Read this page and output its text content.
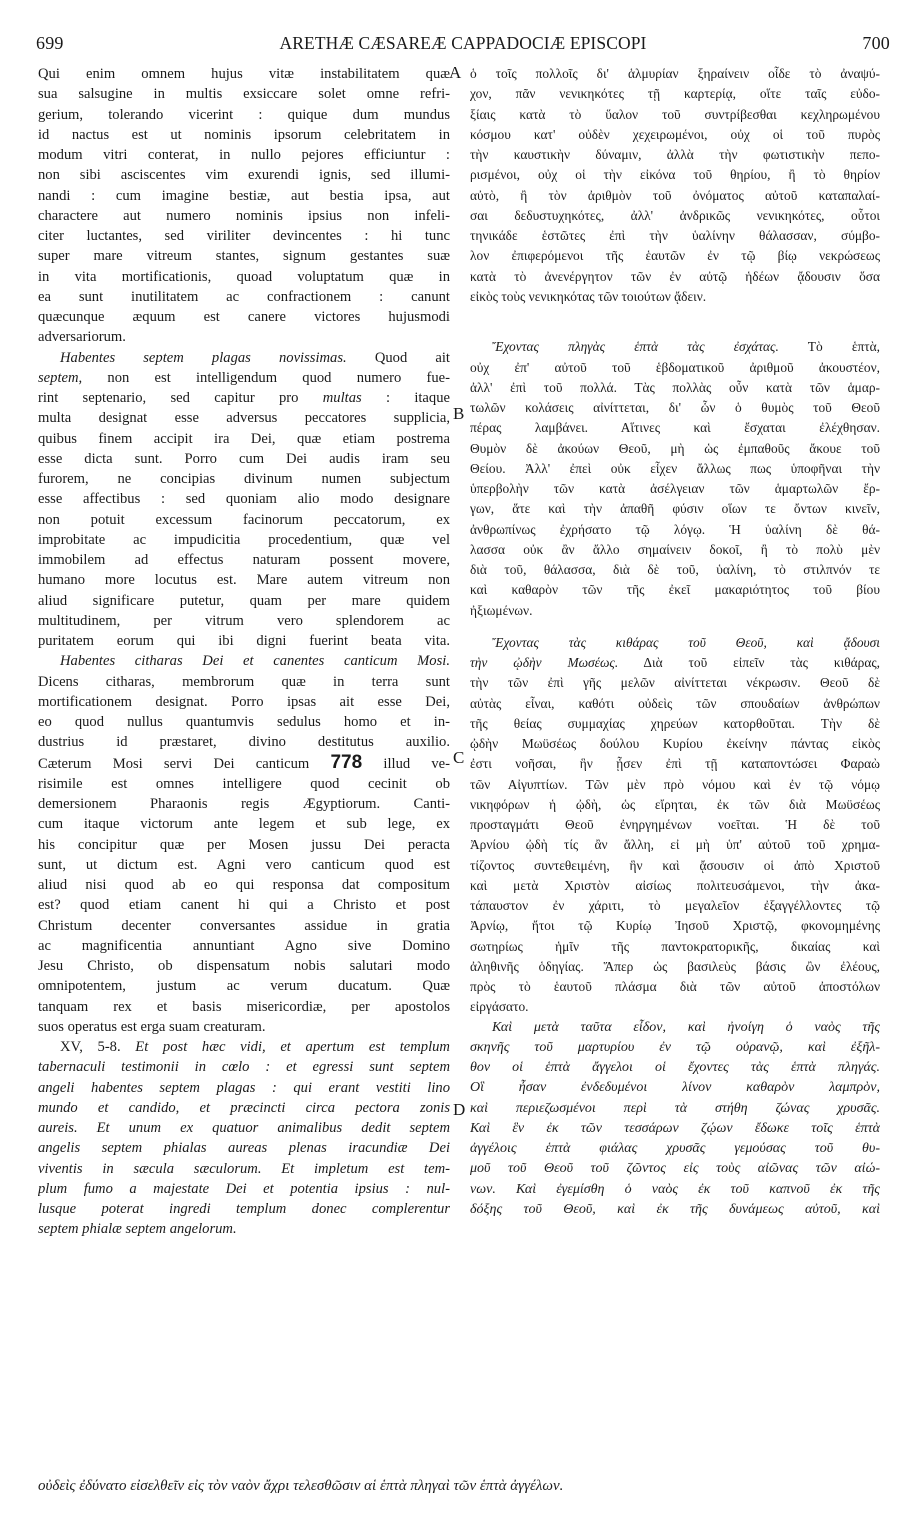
699	ARETHÆ CÆSAREÆ CAPPADOCIÆ EPISCOPI	700
A
B
C
D
Qui enim omnem hujus vitæ instabilitatem quæ
sua salsugine in multis exsiccare solet omne refri-
gerium, tolerando vicerint : quique dum mundus
id nactus est ut nominis ipsorum celebritatem in
modum vitri conterat, in nullo pejores efficiuntur :
non sibi asciscentes vim exurendi ignis, sed illumi-
nandi : cum imagine bestiæ, aut bestia ipsa, aut
charactere aut numero nominis ipsius non infeli-
citer luctantes, sed viriliter devincentes : hi tunc
super mare vitreum stantes, signum gestantes suæ
in vita mortificationis, quoad voluptatum quæ in
ea sunt inutilitatem ac confractionem : canunt
quæcunque æquum est canere victores hujusmodi
adversariorum.
Habentes septem plagas novissimas. Quod ait
septem, non est intelligendum quod numero fue-
rint septenario, sed capitur pro multas : itaque
multa designat esse adversus peccatores supplicia,
quibus finem accipit ira Dei, quæ etiam postrema
esse dicta sunt. Porro cum Dei audis iram seu
furorem, ne concipias divinum numen subjectum
esse affectibus : sed quoniam alio modo designare
non potuit excessum facinorum peccatorum, ex
improbitate ac impudicitia procedentium, quæ vel
immobilem ad effectus naturam possent movere,
humano more locutus est. Mare autem vitreum non
aliud significare putetur, quam per mare quidem
multitudinem, per vitrum vero splendorem ac
puritatem eorum qui ibi digni fuerint beata vita.
Habentes citharas Dei et canentes canticum Mosi.
Dicens citharas, membrorum quæ in terra sunt
mortificationem designat. Porro ipsas ait esse Dei,
eo quod nullus quantumvis sedulus homo et in-
dustrius id præstaret, divino destitutus auxilio.
Cæterum Mosi servi Dei canticum 778 illud ve-
risimile est omnes intelligere quod cecinit ob
demersionem Pharaonis regis Ægyptiorum. Canti-
cum itaque victorum ante legem et sub lege, ex
his concipitur quæ per Mosen jussu Dei peracta
sunt, ut dictum est. Agni vero canticum quod est
aliud nisi quod ab eo qui responsa dat compositum
est? quod etiam canent hi qui a Christo et post
Christum decenter conversantes assidue in gratia
ac magnificentia annuntiant Agno sive Domino
Jesu Christo, ob dispensatum nobis salutari modo
omnipotentem, justum ac verum ducatum. Quæ
tanquam rex et basis misericordiæ, per apostolos
suos operatus est erga suam creaturam.
XV, 5-8. Et post hæc vidi, et apertum est templum
tabernaculi testimonii in cœlo : et egressi sunt septem
angeli habentes septem plagas : qui erant vestiti lino
mundo et candido, et præcincti circa pectora zonis
aureis. Et unum ex quatuor animalibus dedit septem
angelis septem phialas aureas plenas iracundiæ Dei
viventis in sæcula sæculorum. Et impletum est tem-
plum fumo a majestate Dei et potentia ipsius : nul-
lusque poterat ingredi templum donec complerentur
septem phialæ septem angelorum.
ὁ τοῖς πολλοῖς δι' ἁλμυρίαν ξηραίνειν οἶδε τὸ ἀναψύ-
χον, πᾶν νενικηκότες τῇ καρτερίᾳ, οἵτε ταῖς εὐδο-
ξίαις κατὰ τὸ ὕαλον τοῦ συντρίβεσθαι κεχληρωμένου
κόσμου κατ' οὐδὲν χεχειρωμένοι, οὐχ οἱ τοῦ πυρὸς
τὴν καυστικὴν δύναμιν, ἀλλὰ τὴν φωτιστικὴν πεπο-
ρισμένοι, οὐχ οἱ τὴν εἰκόνα τοῦ θηρίου, ἢ τὸ θηρίον
αὐτὸ, ἢ τὸν ἀριθμὸν τοῦ ὀνόματος αὐτοῦ καταπαλαί-
σαι δεδυστυχηκότες, ἀλλ' ἀνδρικῶς νενικηκότες, οὗτοι
τηνικάδε ἑστῶτες ἐπὶ τὴν ὑαλίνην θάλασσαν, σύμβο-
λον ἐπιφερόμενοι τῆς ἑαυτῶν ἐν τῷ βίῳ νεκρώσεως
κατὰ τὸ ἀνενέργητον τῶν ἐν αὐτῷ ἡδέων ᾄδουσιν ὅσα
εἰκὸς τοὺς νενικηκότας τῶν τοιούτων ᾄδειν.
Ἔχοντας πληγὰς ἑπτὰ τὰς ἐσχάτας. Τὸ ἑπτὰ,
οὐχ ἐπ' αὐτοῦ τοῦ ἑβδοματικοῦ ἀριθμοῦ ἀκουστέον,
ἀλλ' ἐπὶ τοῦ πολλά. Τὰς πολλὰς οὖν κατὰ τῶν ἁμαρ-
τωλῶν κολάσεις αἰνίττεται, δι' ὧν ὁ θυμὸς τοῦ Θεοῦ
πέρας λαμβάνει. Αἵτινες καὶ ἔσχαται ἐλέχθησαν.
Θυμὸν δὲ ἀκούων Θεοῦ, μὴ ὡς ἐμπαθοῦς ἄκουε τοῦ
Θείου. Ἀλλ' ἐπεὶ οὐκ εἶχεν ἄλλως πως ὑποφῆναι τὴν
ὑπερβολὴν τῶν κατὰ ἀσέλγειαν τῶν ἁμαρτωλῶν ἔρ-
γων, ἅτε καὶ τὴν ἀπαθῆ φύσιν οἵων τε ὄντων κινεῖν,
ἀνθρωπίνως ἐχρήσατο τῷ λόγῳ. Ἡ ὑαλίνη δὲ θά-
λασσα οὐκ ἂν ἄλλο σημαίνειν δοκοῖ, ἢ τὸ πολὺ μὲν
διὰ τοῦ, θάλασσα, διὰ δὲ τοῦ, ὑαλίνη, τὸ στιλπνόν τε
καὶ καθαρὸν τῶν τῆς ἐκεῖ μακαριότητος τοῦ βίου
ἠξιωμένων.
Ἔχοντας τὰς κιθάρας τοῦ Θεοῦ, καὶ ᾄδουσι
τὴν ᾠδὴν Μωσέως. Διὰ τοῦ εἰπεῖν τὰς κιθάρας,
τὴν τῶν ἐπὶ γῆς μελῶν αἰνίττεται νέκρωσιν. Θεοῦ δὲ
αὐτὰς εἶναι, καθότι οὐδεὶς τῶν σπουδαίων ἀνθρώπων
τῆς θείας συμμαχίας χηρεύων κατορθοῦται. Τὴν δὲ
ᾠδὴν Μωϋσέως δούλου Κυρίου ἐκείνην πάντας εἰκὸς
ἐστι νοῆσαι, ἣν ᾖσεν ἐπὶ τῇ καταποντώσει Φαραὼ
τῶν Αἰγυπτίων. Τῶν μὲν πρὸ νόμου καὶ ἐν τῷ νόμῳ
νικηφόρων ἡ ᾠδὴ, ὡς εἴρηται, ἐκ τῶν διὰ Μωϋσέως
προσταγμάτι Θεοῦ ἐνηργημένων νοεῖται. Ἡ δὲ τοῦ
Ἀρνίου ᾠδὴ τίς ἂν ἄλλη, εἰ μὴ ὑπ' αὐτοῦ τοῦ χρημα-
τίζοντος συντεθειμένη, ἣν καὶ ᾄσουσιν οἱ ἀπὸ Χριστοῦ
καὶ μετὰ Χριστὸν αἰσίως πολιτευσάμενοι, τὴν ἀκα-
τάπαυστον ἐν χάριτι, τὸ μεγαλεῖον ἐξαγγέλλοντες τῷ
Ἀρνίῳ, ἤτοι τῷ Κυρίῳ Ἰησοῦ Χριστῷ, φκονομημένης
σωτηρίως ἡμῖν τῆς παντοκρατορικῆς, δικαίας καὶ
ἀληθινῆς ὁδηγίας. Ἅπερ ὡς βασιλεὺς βάσις ὢν ἐλέους,
πρὸς τὸ ἑαυτοῦ πλάσμα διὰ τῶν αὐτοῦ ἀποστόλων
εἰργάσατο.
Καὶ μετὰ ταῦτα εἶδον, καὶ ἠνοίγη ὁ ναὸς τῆς
σκηνῆς τοῦ μαρτυρίου ἐν τῷ οὐρανῷ, καὶ ἐξῆλ-
θον οἱ ἑπτὰ ἄγγελοι οἱ ἔχοντες τὰς ἑπτὰ πληγάς.
Οἳ ἦσαν ἐνδεδυμένοι λίνον καθαρὸν λαμπρὸν,
καὶ περιεζωσμένοι περὶ τὰ στήθη ζώνας χρυσᾶς.
Καὶ ἓν ἐκ τῶν τεσσάρων ζῴων ἔδωκε τοῖς ἑπτὰ
ἀγγέλοις ἑπτὰ φιάλας χρυσᾶς γεμούσας τοῦ θυ-
μοῦ τοῦ Θεοῦ τοῦ ζῶντος εἰς τοὺς αἰῶνας τῶν αἰώ-
νων. Καὶ ἐγεμίσθη ὁ ναὸς ἐκ τοῦ καπνοῦ ἐκ τῆς
δόξης τοῦ Θεοῦ, καὶ ἐκ τῆς δυνάμεως αὐτοῦ, καὶ
οὐδεὶς ἐδύνατο εἰσελθεῖν εἰς τὸν ναὸν ἄχρι τελεσθῶσιν αἱ ἑπτὰ πληγαὶ τῶν ἑπτὰ ἀγγέλων.
